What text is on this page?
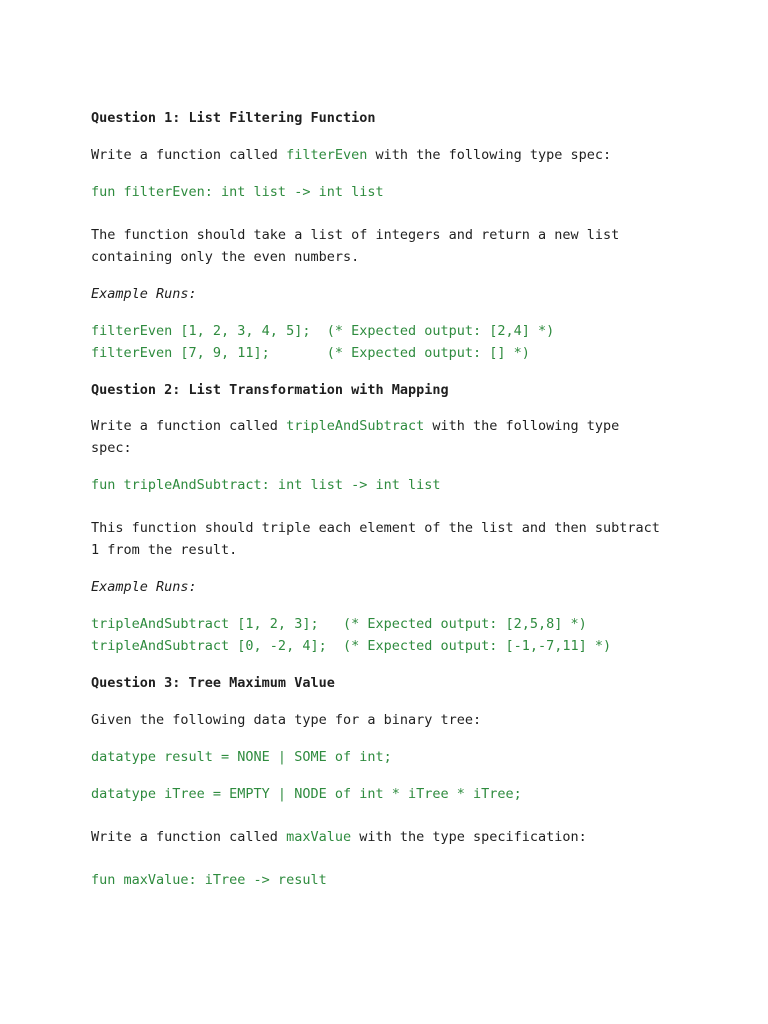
Question 1: List Filtering Function
Write a function called filterEven with the following type spec:
fun filterEven: int list -> int list
The function should take a list of integers and return a new list
containing only the even numbers.
Example Runs:
filterEven [1, 2, 3, 4, 5];  (* Expected output: [2,4] *)
filterEven [7, 9, 11];       (* Expected output: [] *)
Question 2: List Transformation with Mapping
Write a function called tripleAndSubtract with the following type
spec:
fun tripleAndSubtract: int list -> int list
This function should triple each element of the list and then subtract
1 from the result.
Example Runs:
tripleAndSubtract [1, 2, 3];   (* Expected output: [2,5,8] *)
tripleAndSubtract [0, -2, 4];  (* Expected output: [-1,-7,11] *)
Question 3: Tree Maximum Value
Given the following data type for a binary tree:
datatype result = NONE | SOME of int;
datatype iTree = EMPTY | NODE of int * iTree * iTree;
Write a function called maxValue with the type specification:
fun maxValue: iTree -> result
